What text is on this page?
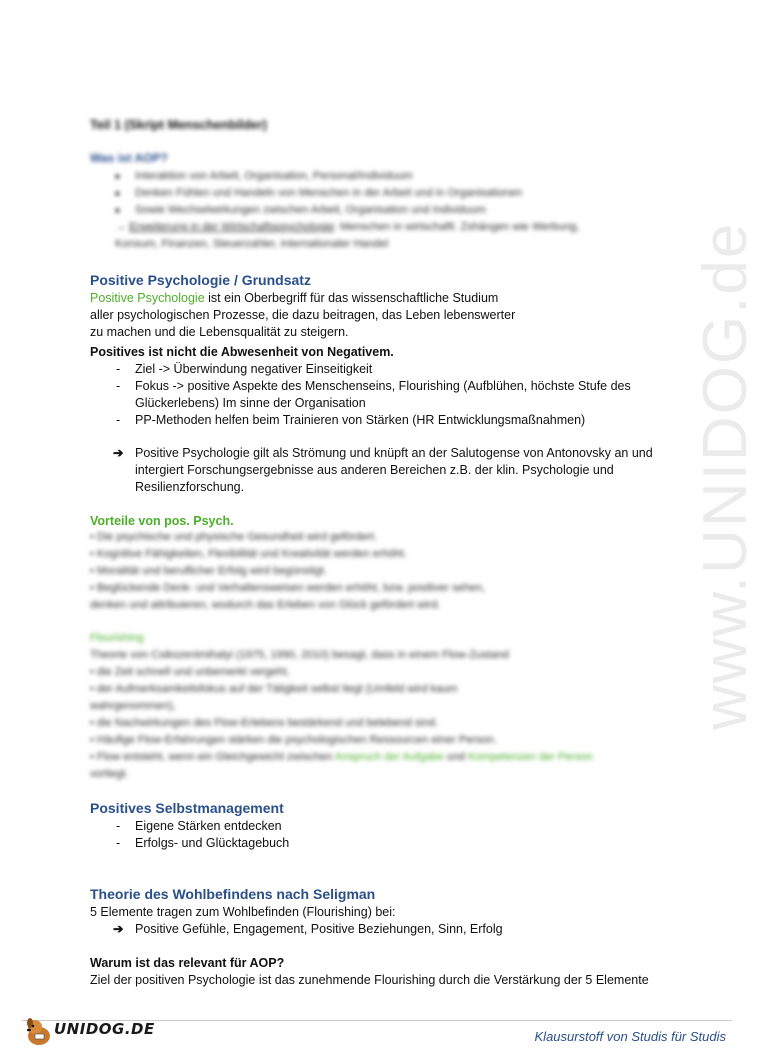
www.UNIDOG.de
Teil 1 (Skript Menschenbilder)
Was ist AOP?
■ Interaktion von Arbeit, Organisation, Personal/Individuum
■ Denken Fühlen und Handeln von Menschen in der Arbeit und in Organisationen
■ Sowie Wechselwirkungen zwischen Arbeit, Organisation und Individuum
→ Erweiterung in der Wirtschaftspsychologie: Menschen in wirtschaftl. Zshängen wie Werbung,
Konsum, Finanzen, Steuerzahler, internationaler Handel
Positive Psychologie / Grundsatz
Positive Psychologie ist ein Oberbegriff für das wissenschaftliche Studium
aller psychologischen Prozesse, die dazu beitragen, das Leben lebenswerter
zu machen und die Lebensqualität zu steigern.
Positives ist nicht die Abwesenheit von Negativem.
- Ziel -> Überwindung negativer Einseitigkeit
- Fokus -> positive Aspekte des Menschenseins, Flourishing (Aufblühen, höchste Stufe des Glückerlebens) Im sinne der Organisation
- PP-Methoden helfen beim Trainieren von Stärken (HR Entwicklungsmaßnahmen)
➔ Positive Psychologie gilt als Strömung und knüpft an der Salutogense von Antonovsky an und intergiert Forschungsergebnisse aus anderen Bereichen z.B. der klin. Psychologie und Resilienzforschung.
Vorteile von pos. Psych.
• Die psychische und physische Gesundheit wird gefördert.
• Kognitive Fähigkeiten, Flexibilität und Kreativität werden erhöht.
• Moralität und beruflicher Erfolg wird begünstigt.
• Beglückende Denk- und Verhaltensweisen werden erhöht, bzw. positiver sehen,
denken und attribuieren, wodurch das Erleben von Glück gefördert wird.
Flourishing
Theorie von Csikszentmihalyi (1975, 1990, 2010) besagt, dass in einem Flow-Zustand
• die Zeit schnell und unbemerkt vergeht,
• der Aufmerksamkeitsfokus auf der Tätigkeit selbst liegt (Umfeld wird kaum
wahrgenommen),
• die Nachwirkungen des Flow-Erlebens bestärkend und belebend sind.
• Häufige Flow-Erfahrungen stärken die psychologischen Ressourcen einer Person.
• Flow entsteht, wenn ein Gleichgewicht zwischen Anspruch der Aufgabe und Kompetenzen der Person
vorliegt.
Positives Selbstmanagement
- Eigene Stärken entdecken
- Erfolgs- und Glücktagebuch
Theorie des Wohlbefindens nach Seligman
5 Elemente tragen zum Wohlbefinden (Flourishing) bei:
➔ Positive Gefühle, Engagement, Positive Beziehungen, Sinn, Erfolg
Warum ist das relevant für AOP?
Ziel der positiven Psychologie ist das zunehmende Flourishing durch die Verstärkung der 5 Elemente
UNIDOG.DE	Klausurstoff von Studis für Studis
